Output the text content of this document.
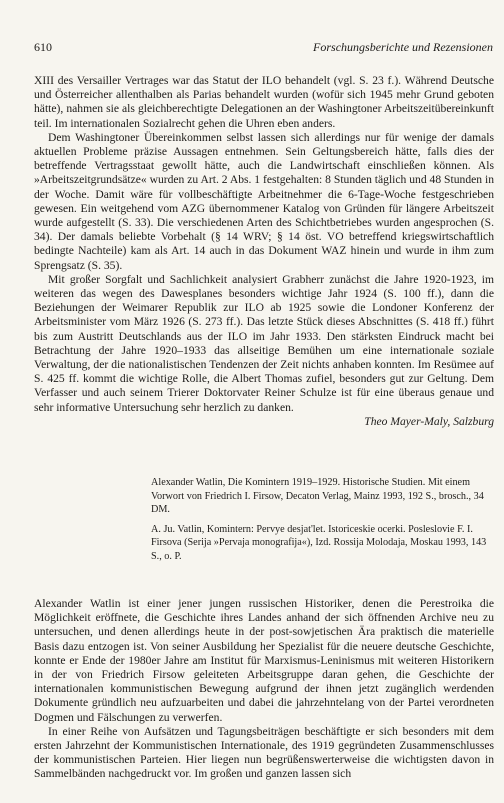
610	Forschungsberichte und Rezensionen

XIII des Versailler Vertrages war das Statut der ILO behandelt (vgl. S. 23 f.). Während Deutsche und Österreicher allenthalben als Parias behandelt wurden (wofür sich 1945 mehr Grund geboten hätte), nahmen sie als gleichberechtigte Delegationen an der Washingtoner Arbeitszeitübereinkunft teil. Im internationalen Sozialrecht gehen die Uhren eben anders.

Dem Washingtoner Übereinkommen selbst lassen sich allerdings nur für wenige der damals aktuellen Probleme präzise Aussagen entnehmen. Sein Geltungsbereich hätte, falls dies der betreffende Vertragsstaat gewollt hätte, auch die Landwirtschaft einschließen können. Als »Arbeitszeitgrundsätze« wurden zu Art. 2 Abs. 1 festgehalten: 8 Stunden täglich und 48 Stunden in der Woche. Damit wäre für vollbeschäftigte Arbeitnehmer die 6-Tage-Woche festgeschrieben gewesen. Ein weitgehend vom AZG übernommener Katalog von Gründen für längere Arbeitszeit wurde aufgestellt (S. 33). Die verschiedenen Arten des Schichtbetriebes wurden angesprochen (S. 34). Der damals beliebte Vorbehalt (§ 14 WRV; § 14 öst. VO betreffend kriegswirtschaftlich bedingte Nachteile) kam als Art. 14 auch in das Dokument WAZ hinein und wurde in ihm zum Sprengsatz (S. 35).

Mit großer Sorgfalt und Sachlichkeit analysiert Grabherr zunächst die Jahre 1920-1923, im weiteren das wegen des Dawesplanes besonders wichtige Jahr 1924 (S. 100 ff.), dann die Beziehungen der Weimarer Republik zur ILO ab 1925 sowie die Londoner Konferenz der Arbeitsminister vom März 1926 (S. 273 ff.). Das letzte Stück dieses Abschnittes (S. 418 ff.) führt bis zum Austritt Deutschlands aus der ILO im Jahr 1933. Den stärksten Eindruck macht bei Betrachtung der Jahre 1920–1933 das allseitige Bemühen um eine internationale soziale Verwaltung, der die nationalistischen Tendenzen der Zeit nichts anhaben konnten. Im Resümee auf S. 425 ff. kommt die wichtige Rolle, die Albert Thomas zufiel, besonders gut zur Geltung. Dem Verfasser und auch seinem Trierer Doktorvater Reiner Schulze ist für eine überaus genaue und sehr informative Untersuchung sehr herzlich zu danken.

Theo Mayer-Maly, Salzburg

Alexander Watlin, Die Komintern 1919–1929. Historische Studien. Mit einem Vorwort von Friedrich I. Firsow, Decaton Verlag, Mainz 1993, 192 S., brosch., 34 DM.

A. Ju. Vatlin, Komintern: Pervye desjat'let. Istoriceskie ocerki. Posleslovie F. I. Firsova (Serija »Pervaja monografija«), Izd. Rossija Molodaja, Moskau 1993, 143 S., o. P.

Alexander Watlin ist einer jener jungen russischen Historiker, denen die Perestroika die Möglichkeit eröffnete, die Geschichte ihres Landes anhand der sich öffnenden Archive neu zu untersuchen, und denen allerdings heute in der post-sowjetischen Ära praktisch die materielle Basis dazu entzogen ist. Von seiner Ausbildung her Spezialist für die neuere deutsche Geschichte, konnte er Ende der 1980er Jahre am Institut für Marxismus-Leninismus mit weiteren Historikern in der von Friedrich Firsow geleiteten Arbeitsgruppe daran gehen, die Geschichte der internationalen kommunistischen Bewegung aufgrund der ihnen jetzt zugänglich werdenden Dokumente gründlich neu aufzuarbeiten und dabei die jahrzehntelang von der Partei verordneten Dogmen und Fälschungen zu verwerfen.

In einer Reihe von Aufsätzen und Tagungsbeiträgen beschäftigte er sich besonders mit dem ersten Jahrzehnt der Kommunistischen Internationale, des 1919 gegründeten Zusammenschlusses der kommunistischen Parteien. Hier liegen nun begrüßenswerterweise die wichtigsten davon in Sammelbänden nachgedruckt vor. Im großen und ganzen lassen sich
